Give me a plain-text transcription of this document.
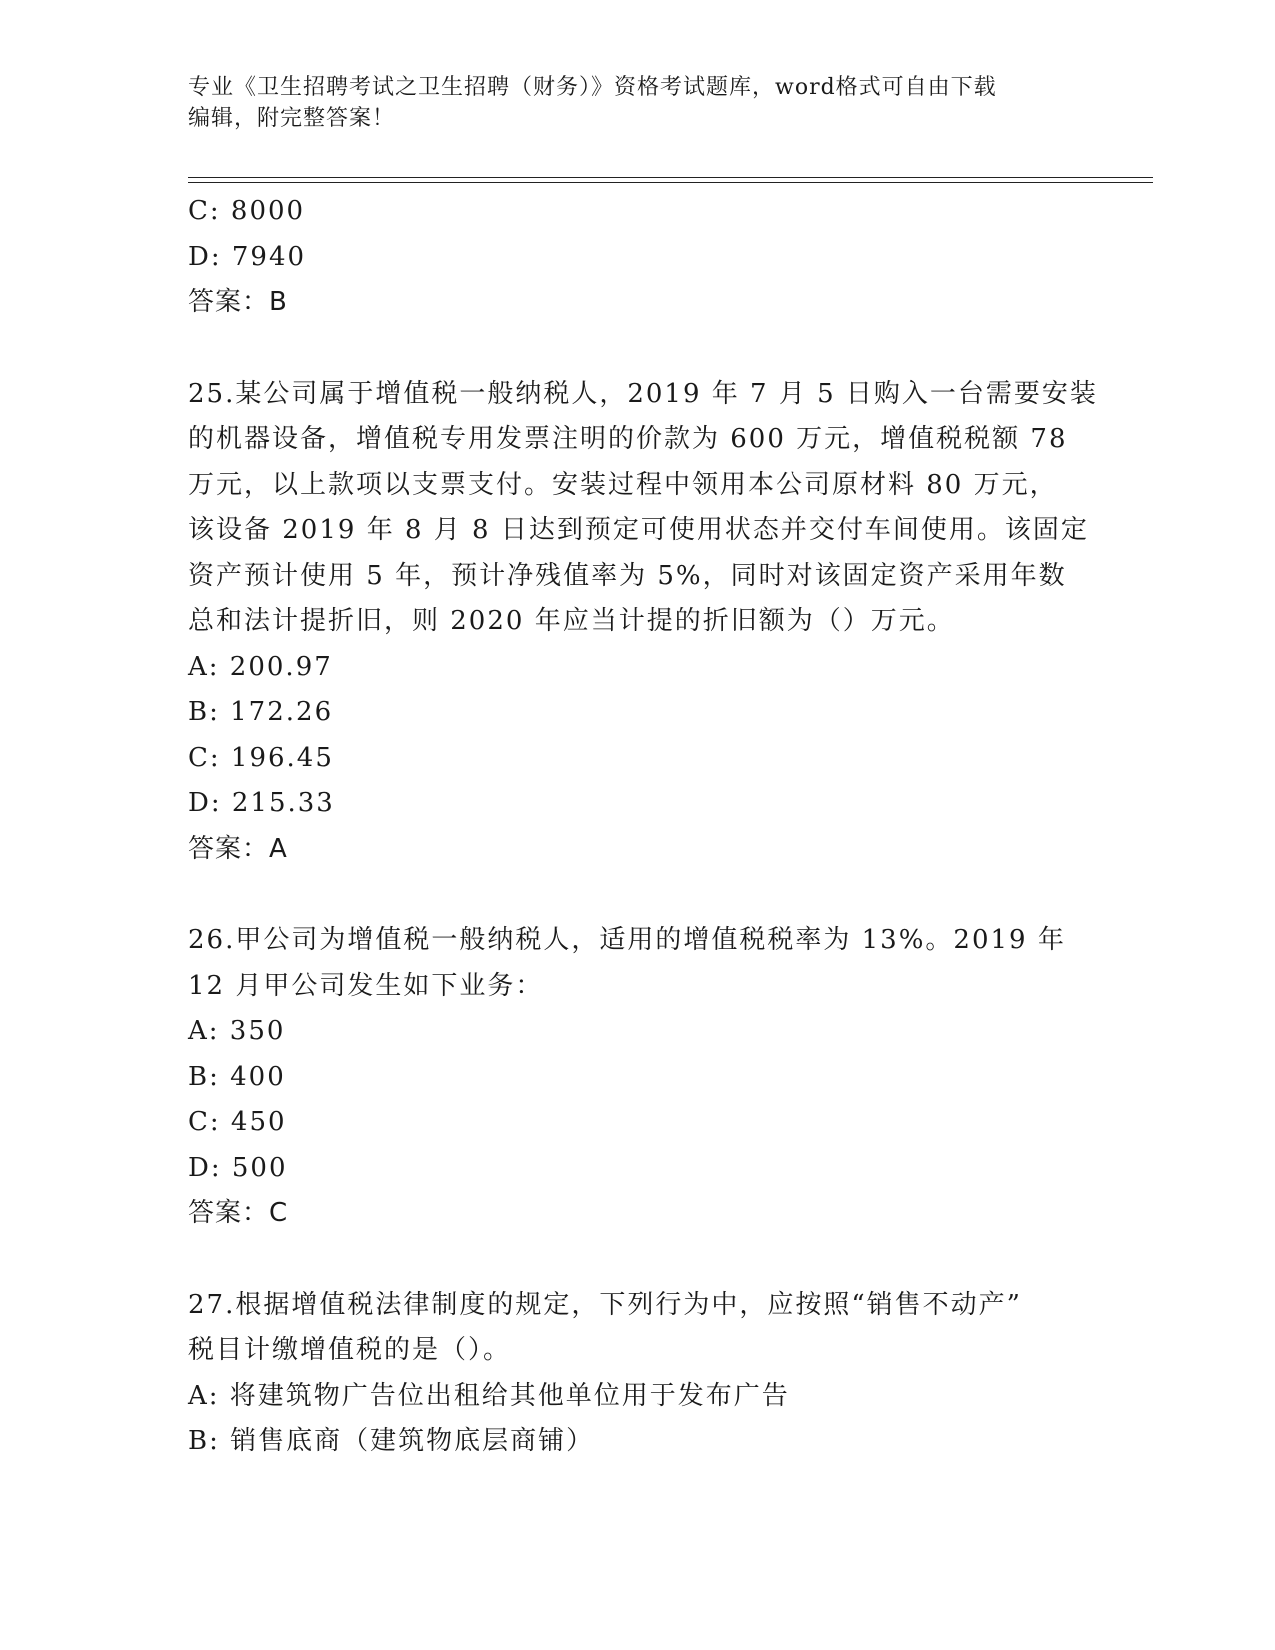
专业《卫生招聘考试之卫生招聘（财务）》资格考试题库，word格式可自由下载
编辑，附完整答案！
C: 8000
D: 7940
答案：B
25.某公司属于增值税一般纳税人，2019 年 7 月 5 日购入一台需要安装
的机器设备，增值税专用发票注明的价款为 600 万元，增值税税额 78
万元，以上款项以支票支付。安装过程中领用本公司原材料 80 万元，
该设备 2019 年 8 月 8 日达到预定可使用状态并交付车间使用。该固定
资产预计使用 5 年，预计净残值率为 5%，同时对该固定资产采用年数
总和法计提折旧，则 2020 年应当计提的折旧额为（）万元。
A: 200.97
B: 172.26
C: 196.45
D: 215.33
答案：A
26.甲公司为增值税一般纳税人，适用的增值税税率为 13%。2019 年
12 月甲公司发生如下业务：
A: 350
B: 400
C: 450
D: 500
答案：C
27.根据增值税法律制度的规定，下列行为中，应按照“销售不动产”
税目计缴增值税的是（）。
A: 将建筑物广告位出租给其他单位用于发布广告
B: 销售底商（建筑物底层商铺）
